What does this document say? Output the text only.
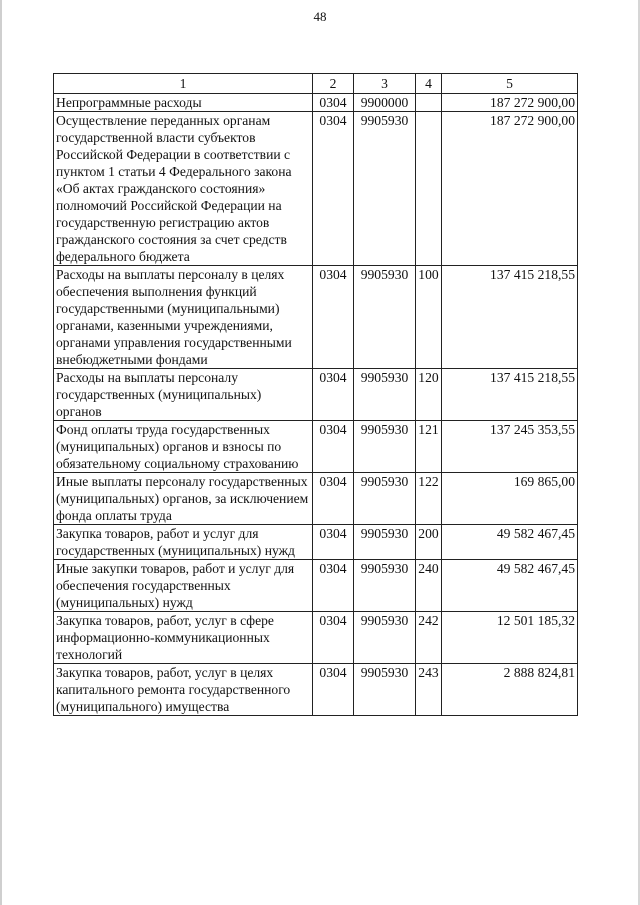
48
1	2	3	4	5
Непрограммные расходы	0304	9900000		187 272 900,00
Осуществление переданных органам государственной власти субъектов Российской Федерации в соответствии с пунктом 1 статьи 4 Федерального закона «Об актах гражданского состояния» полномочий Российской Федерации на государственную регистрацию актов гражданского состояния за счет средств федерального бюджета	0304	9905930		187 272 900,00
Расходы на выплаты персоналу в целях обеспечения выполнения функций государственными (муниципальными) органами, казенными учреждениями, органами управления государственными внебюджетными фондами	0304	9905930	100	137 415 218,55
Расходы на выплаты персоналу государственных (муниципальных) органов	0304	9905930	120	137 415 218,55
Фонд оплаты труда государственных (муниципальных) органов и взносы по обязательному социальному страхованию	0304	9905930	121	137 245 353,55
Иные выплаты персоналу государственных (муниципальных) органов, за исключением фонда оплаты труда	0304	9905930	122	169 865,00
Закупка товаров, работ и услуг для государственных (муниципальных) нужд	0304	9905930	200	49 582 467,45
Иные закупки товаров, работ и услуг для обеспечения государственных (муниципальных) нужд	0304	9905930	240	49 582 467,45
Закупка товаров, работ, услуг в сфере информационно-коммуникационных технологий	0304	9905930	242	12 501 185,32
Закупка товаров, работ, услуг в целях капитального ремонта государственного (муниципального) имущества	0304	9905930	243	2 888 824,81
